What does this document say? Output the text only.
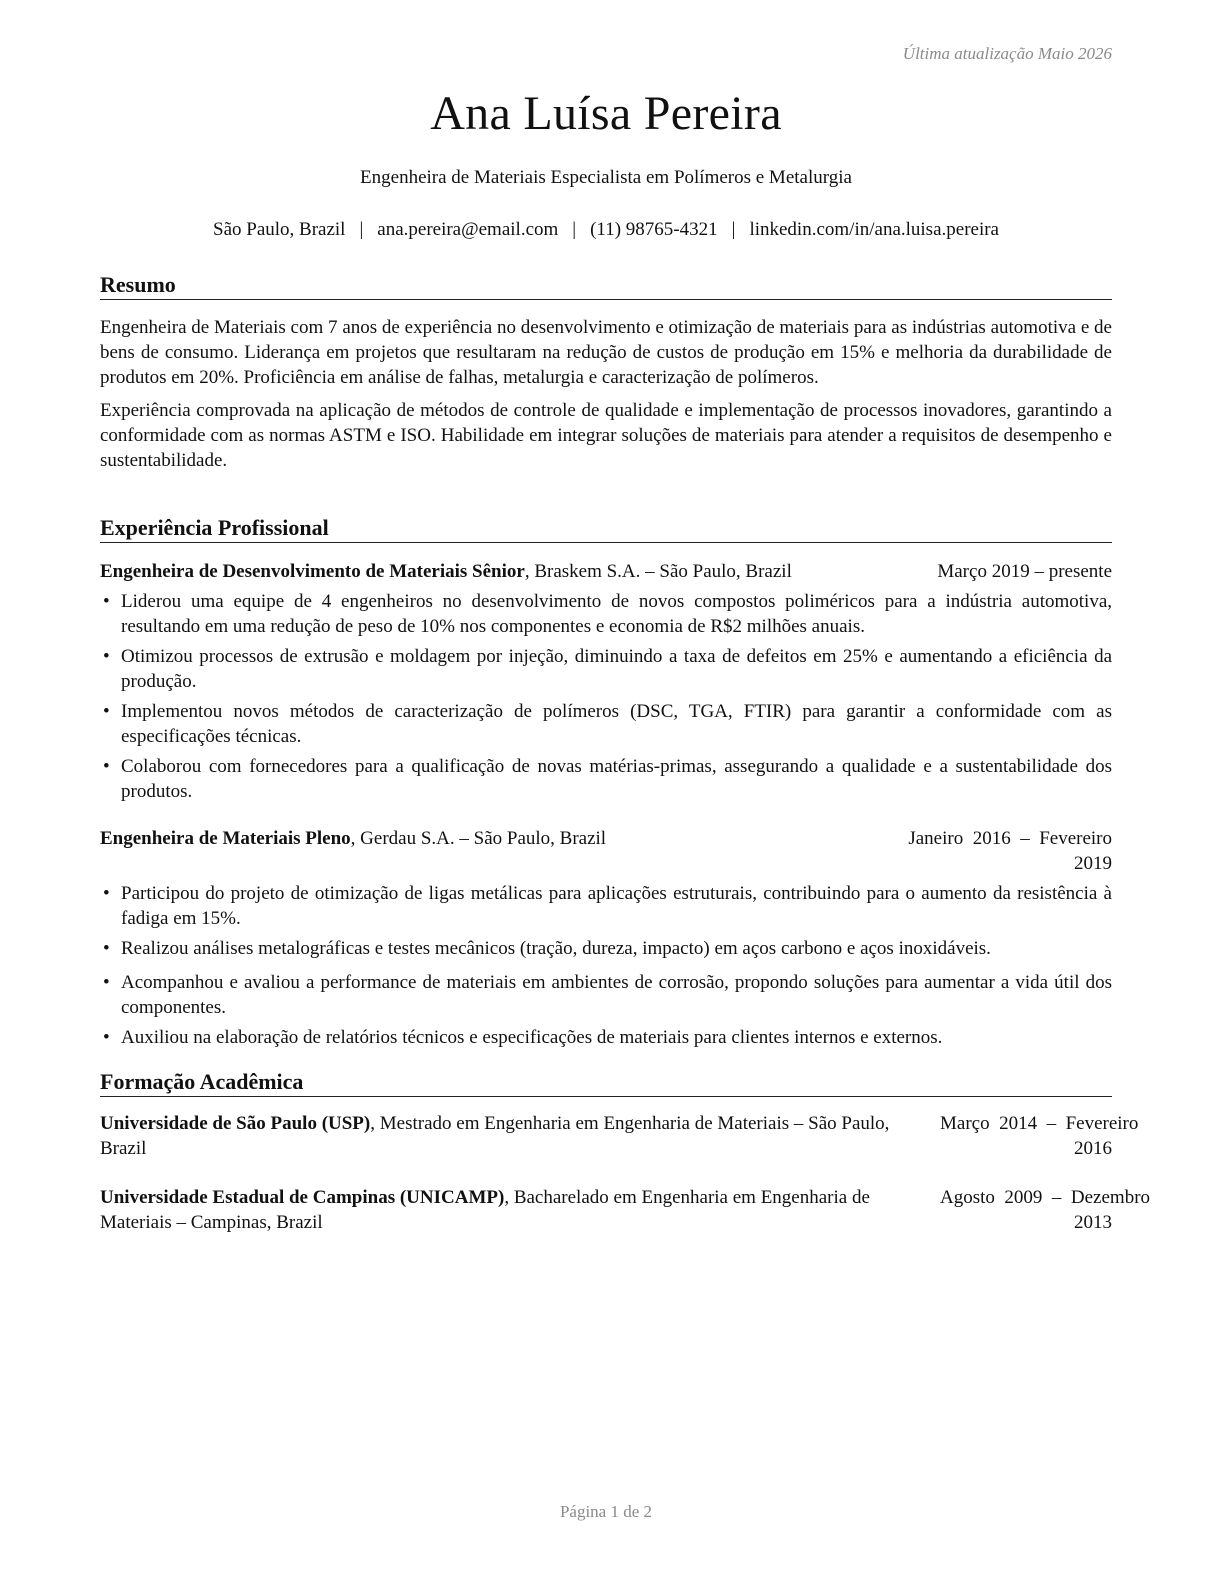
Última atualização Maio 2026
Ana Luísa Pereira
Engenheira de Materiais Especialista em Polímeros e Metalurgia
São Paulo, Brazil | ana.pereira@email.com | (11) 98765-4321 | linkedin.com/in/ana.luisa.pereira
Resumo

Engenheira de Materiais com 7 anos de experiência no desenvolvimento e otimização de materiais para as indústrias automotiva e de bens de consumo. Liderança em projetos que resultaram na redução de custos de produção em 15% e melhoria da durabilidade de produtos em 20%. Proficiência em análise de falhas, metalurgia e caracterização de polímeros.

Experiência comprovada na aplicação de métodos de controle de qualidade e implementação de processos inovadores, garantindo a conformidade com as normas ASTM e ISO. Habilidade em integrar soluções de materiais para atender a requisitos de desempenho e sustentabilidade.

Experiência Profissional
Engenheira de Desenvolvimento de Materiais Sênior, Braskem S.A. – São Paulo, Brazil	Março 2019 – presente
• Liderou uma equipe de 4 engenheiros no desenvolvimento de novos compostos poliméricos para a indústria automotiva, resultando em uma redução de peso de 10% nos componentes e economia de R$2 milhões anuais.
• Otimizou processos de extrusão e moldagem por injeção, diminuindo a taxa de defeitos em 25% e aumentando a eficiência da produção.
• Implementou novos métodos de caracterização de polímeros (DSC, TGA, FTIR) para garantir a conformidade com as especificações técnicas.
• Colaborou com fornecedores para a qualificação de novas matérias-primas, assegurando a qualidade e a sustentabilidade dos produtos.
Engenheira de Materiais Pleno, Gerdau S.A. – São Paulo, Brazil	Janeiro  2016  –  Fevereiro
2019
• Participou do projeto de otimização de ligas metálicas para aplicações estruturais, contribuindo para o aumento da resistência à fadiga em 15%.
• Realizou análises metalográficas e testes mecânicos (tração, dureza, impacto) em aços carbono e aços inoxidáveis.
• Acompanhou e avaliou a performance de materiais em ambientes de corrosão, propondo soluções para aumentar a vida útil dos componentes.
• Auxiliou na elaboração de relatórios técnicos e especificações de materiais para clientes internos e externos.
Formação Acadêmica
Universidade de São Paulo (USP), Mestrado em Engenharia em Engenharia de Materiais – São Paulo, Brazil
Março  2014  –  Fevereiro
2016
Universidade Estadual de Campinas (UNICAMP), Bacharelado em Engenharia em Engenharia de Materiais – Campinas, Brazil
Agosto  2009  –  Dezembro
2013
Página 1 de 2
